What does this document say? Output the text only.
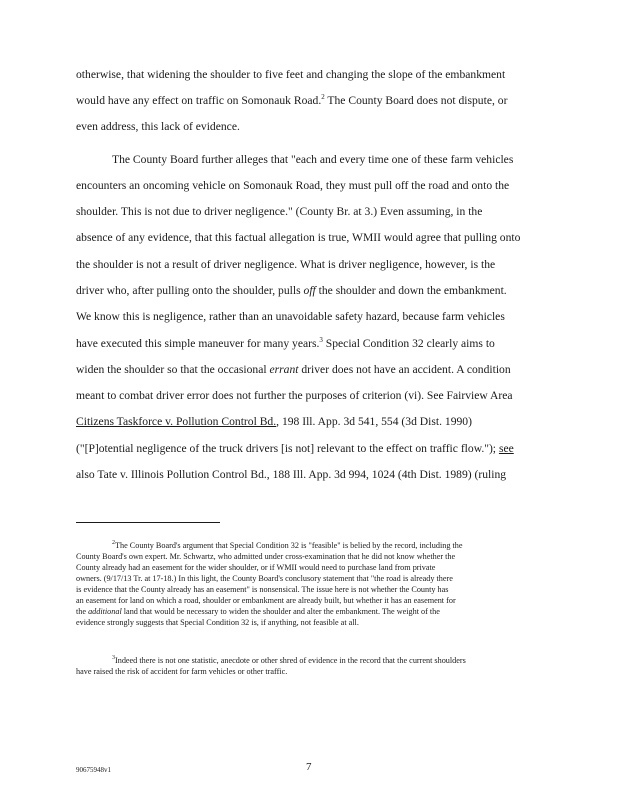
otherwise, that widening the shoulder to five feet and changing the slope of the embankment
would have any effect on traffic on Somonauk Road.$^2$ The County Board does not dispute, or
even address, this lack of evidence.
The County Board further alleges that "each and every time one of these farm vehicles
encounters an oncoming vehicle on Somonauk Road, they must pull off the road and onto the
shoulder. This is not due to driver negligence." (County Br. at 3.) Even assuming, in the
absence of any evidence, that this factual allegation is true, WMII would agree that pulling onto
the shoulder is not a result of driver negligence. What is driver negligence, however, is the
driver who, after pulling onto the shoulder, pulls off the shoulder and down the embankment.
We know this is negligence, rather than an unavoidable safety hazard, because farm vehicles
have executed this simple maneuver for many years.$^3$ Special Condition 32 clearly aims to
widen the shoulder so that the occasional errant driver does not have an accident. A condition
meant to combat driver error does not further the purposes of criterion (vi). See Fairview Area
Citizens Taskforce v. Pollution Control Bd., 198 Ill. App. 3d 541, 554 (3d Dist. 1990)
("[P]otential negligence of the truck drivers [is not] relevant to the effect on traffic flow."); see
also Tate v. Illinois Pollution Control Bd., 188 Ill. App. 3d 994, 1024 (4th Dist. 1989) (ruling
$^2$The County Board's argument that Special Condition 32 is "feasible" is belied by the record, including the
County Board's own expert. Mr. Schwartz, who admitted under cross-examination that he did not know whether the
County already had an easement for the wider shoulder, or if WMII would need to purchase land from private
owners. (9/17/13 Tr. at 17-18.) In this light, the County Board's conclusory statement that "the road is already there
is evidence that the County already has an easement" is nonsensical. The issue here is not whether the County has
an easement for land on which a road, shoulder or embankment are already built, but whether it has an easement for
the additional land that would be necessary to widen the shoulder and alter the embankment. The weight of the
evidence strongly suggests that Special Condition 32 is, if anything, not feasible at all.
$^3$Indeed there is not one statistic, anecdote or other shred of evidence in the record that the current shoulders
have raised the risk of accident for farm vehicles or other traffic.
90675948v1	7
